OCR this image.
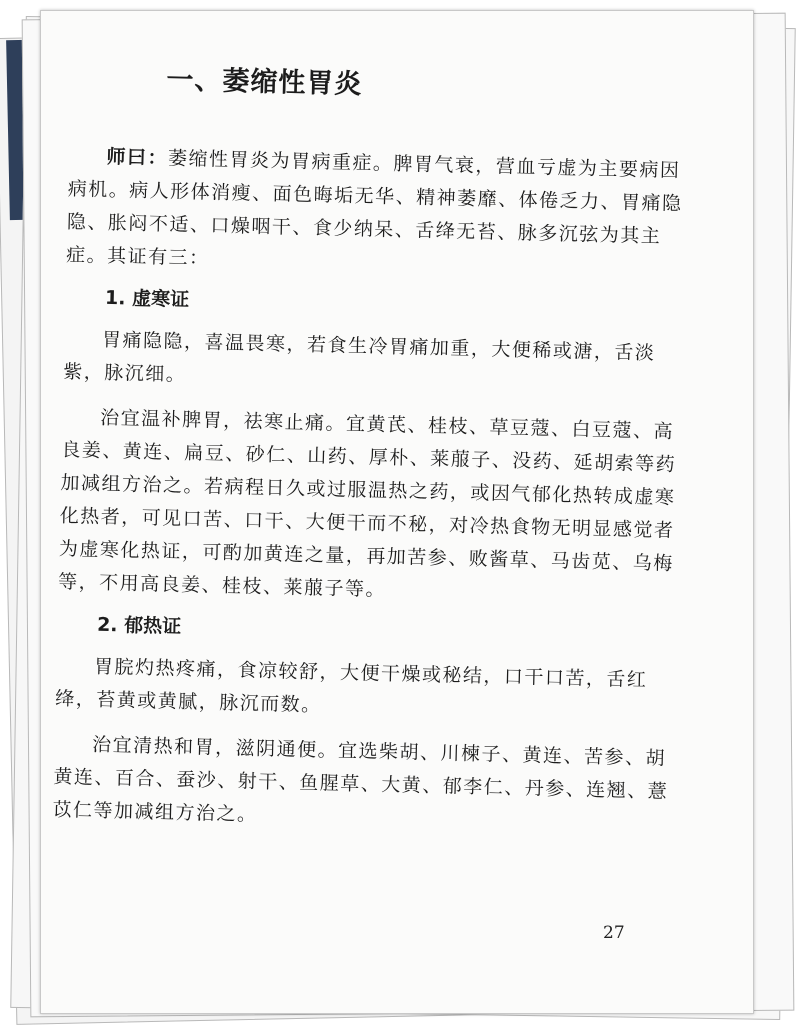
一、萎缩性胃炎

师曰：萎缩性胃炎为胃病重症。脾胃气衰，营血亏虚为主要病因病机。病人形体消瘦、面色晦垢无华、精神萎靡、体倦乏力、胃痛隐隐、胀闷不适、口燥咽干、食少纳呆、舌绛无苔、脉多沉弦为其主症。其证有三：

1. 虚寒证

胃痛隐隐，喜温畏寒，若食生冷胃痛加重，大便稀或溏，舌淡紫，脉沉细。

治宜温补脾胃，祛寒止痛。宜黄芪、桂枝、草豆蔻、白豆蔻、高良姜、黄连、扁豆、砂仁、山药、厚朴、莱菔子、没药、延胡索等药加减组方治之。若病程日久或过服温热之药，或因气郁化热转成虚寒化热者，可见口苦、口干、大便干而不秘，对冷热食物无明显感觉者为虚寒化热证，可酌加黄连之量，再加苦参、败酱草、马齿苋、乌梅等，不用高良姜、桂枝、莱菔子等。

2. 郁热证

胃脘灼热疼痛，食凉较舒，大便干燥或秘结，口干口苦，舌红绛，苔黄或黄腻，脉沉而数。

治宜清热和胃，滋阴通便。宜选柴胡、川楝子、黄连、苦参、胡黄连、百合、蚕沙、射干、鱼腥草、大黄、郁李仁、丹参、连翘、薏苡仁等加减组方治之。

27
